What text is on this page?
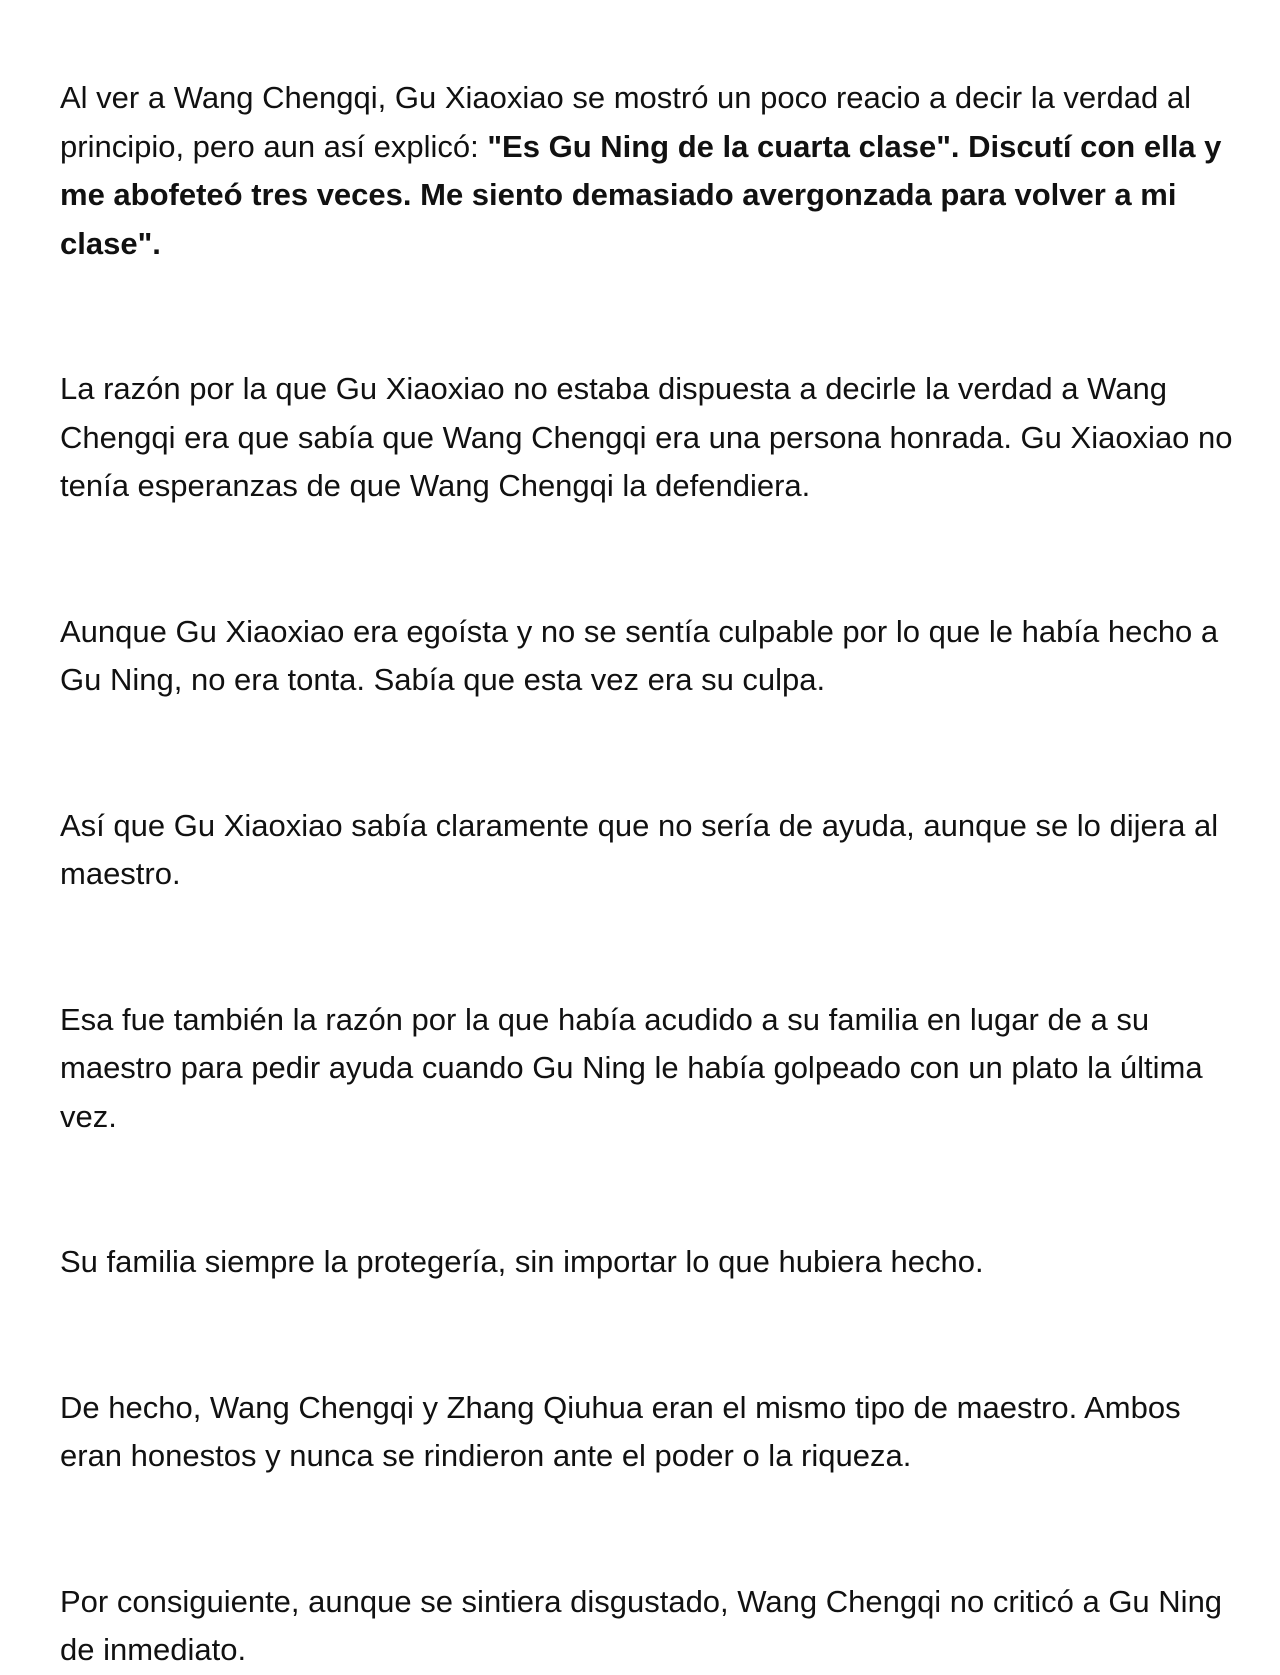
Al ver a Wang Chengqi, Gu Xiaoxiao se mostró un poco reacio a decir la verdad al principio, pero aun así explicó: "Es Gu Ning de la cuarta clase". Discutí con ella y me abofeteó tres veces. Me siento demasiado avergonzada para volver a mi clase".

La razón por la que Gu Xiaoxiao no estaba dispuesta a decirle la verdad a Wang Chengqi era que sabía que Wang Chengqi era una persona honrada. Gu Xiaoxiao no tenía esperanzas de que Wang Chengqi la defendiera.

Aunque Gu Xiaoxiao era egoísta y no se sentía culpable por lo que le había hecho a Gu Ning, no era tonta. Sabía que esta vez era su culpa.

Así que Gu Xiaoxiao sabía claramente que no sería de ayuda, aunque se lo dijera al maestro.

Esa fue también la razón por la que había acudido a su familia en lugar de a su maestro para pedir ayuda cuando Gu Ning le había golpeado con un plato la última vez.

Su familia siempre la protegería, sin importar lo que hubiera hecho.

De hecho, Wang Chengqi y Zhang Qiuhua eran el mismo tipo de maestro. Ambos eran honestos y nunca se rindieron ante el poder o la riqueza.

Por consiguiente, aunque se sintiera disgustado, Wang Chengqi no criticó a Gu Ning de inmediato.
